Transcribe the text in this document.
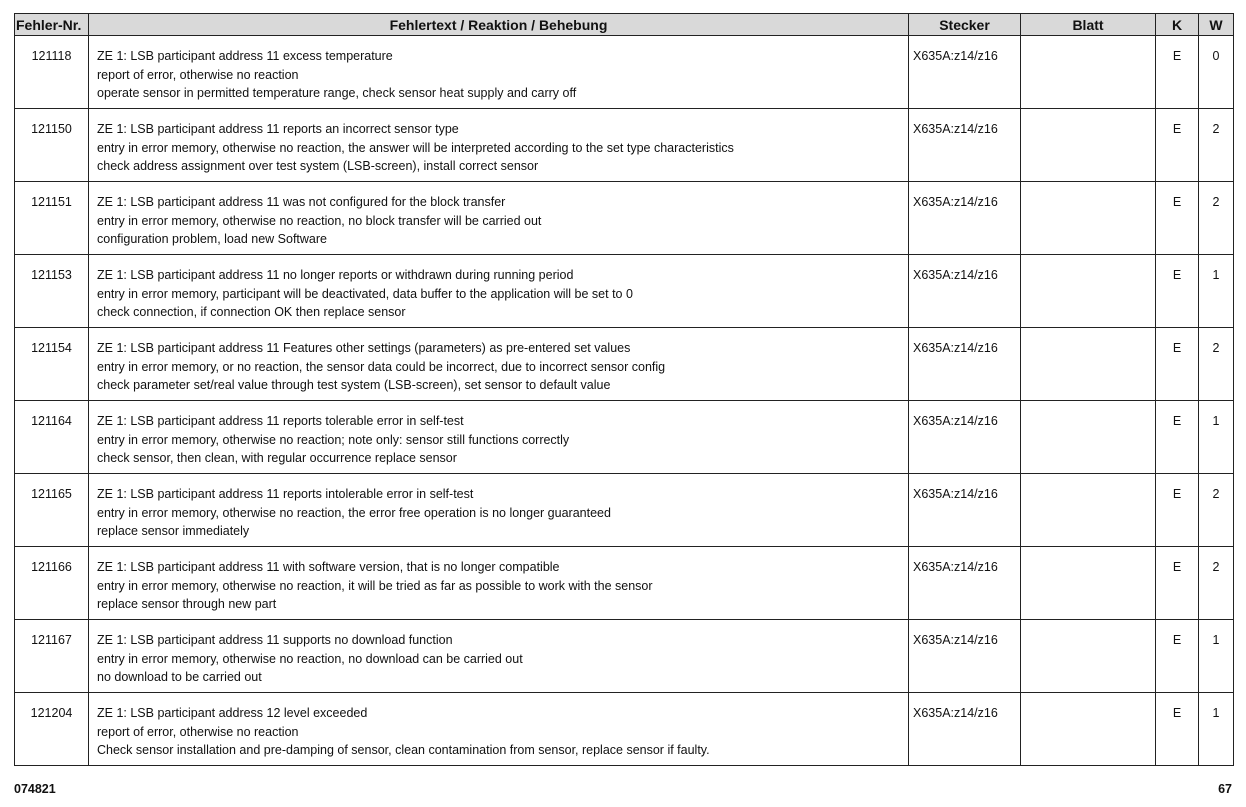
Fehler-Nr.	Fehlertext / Reaktion / Behebung	Stecker	Blatt	K	W
121118	ZE 1: LSB participant address 11 excess temperature
report of error, otherwise no reaction
operate sensor in permitted temperature range, check sensor heat supply and carry off	X635A:z14/z16		E	0
121150	ZE 1: LSB participant address 11 reports an incorrect sensor type
entry in error memory, otherwise no reaction, the answer will be interpreted according to the set type characteristics
check address assignment over test system (LSB-screen), install correct sensor	X635A:z14/z16		E	2
121151	ZE 1: LSB participant address 11 was not configured for the block transfer
entry in error memory, otherwise no reaction, no block transfer will be carried out
configuration problem, load new Software	X635A:z14/z16		E	2
121153	ZE 1: LSB participant address 11 no longer reports or withdrawn during running period
entry in error memory, participant will be deactivated, data buffer to the application will be set to 0
check connection, if connection OK then replace sensor	X635A:z14/z16		E	1
121154	ZE 1: LSB participant address 11 Features other settings (parameters) as pre-entered set values
entry in error memory, or no reaction, the sensor data could be incorrect, due to incorrect sensor config
check parameter set/real value through test system (LSB-screen), set sensor to default value	X635A:z14/z16		E	2
121164	ZE 1: LSB participant address 11 reports tolerable error in self-test
entry in error memory, otherwise no reaction; note only: sensor still functions correctly
check sensor, then clean, with regular occurrence replace sensor	X635A:z14/z16		E	1
121165	ZE 1: LSB participant address 11 reports intolerable error in self-test
entry in error memory, otherwise no reaction, the error free operation is no longer guaranteed
replace sensor immediately	X635A:z14/z16		E	2
121166	ZE 1: LSB participant address 11 with software version, that is no longer compatible
entry in error memory, otherwise no reaction, it will be tried as far as possible to work with the sensor
replace sensor through new part	X635A:z14/z16		E	2
121167	ZE 1: LSB participant address 11 supports no download function
entry in error memory, otherwise no reaction, no download can be carried out
no download to be carried out	X635A:z14/z16		E	1
121204	ZE 1: LSB participant address 12 level exceeded
report of error, otherwise no reaction
Check sensor installation and pre-damping of sensor, clean contamination from sensor, replace sensor if faulty.	X635A:z14/z16		E	1
074821	67
